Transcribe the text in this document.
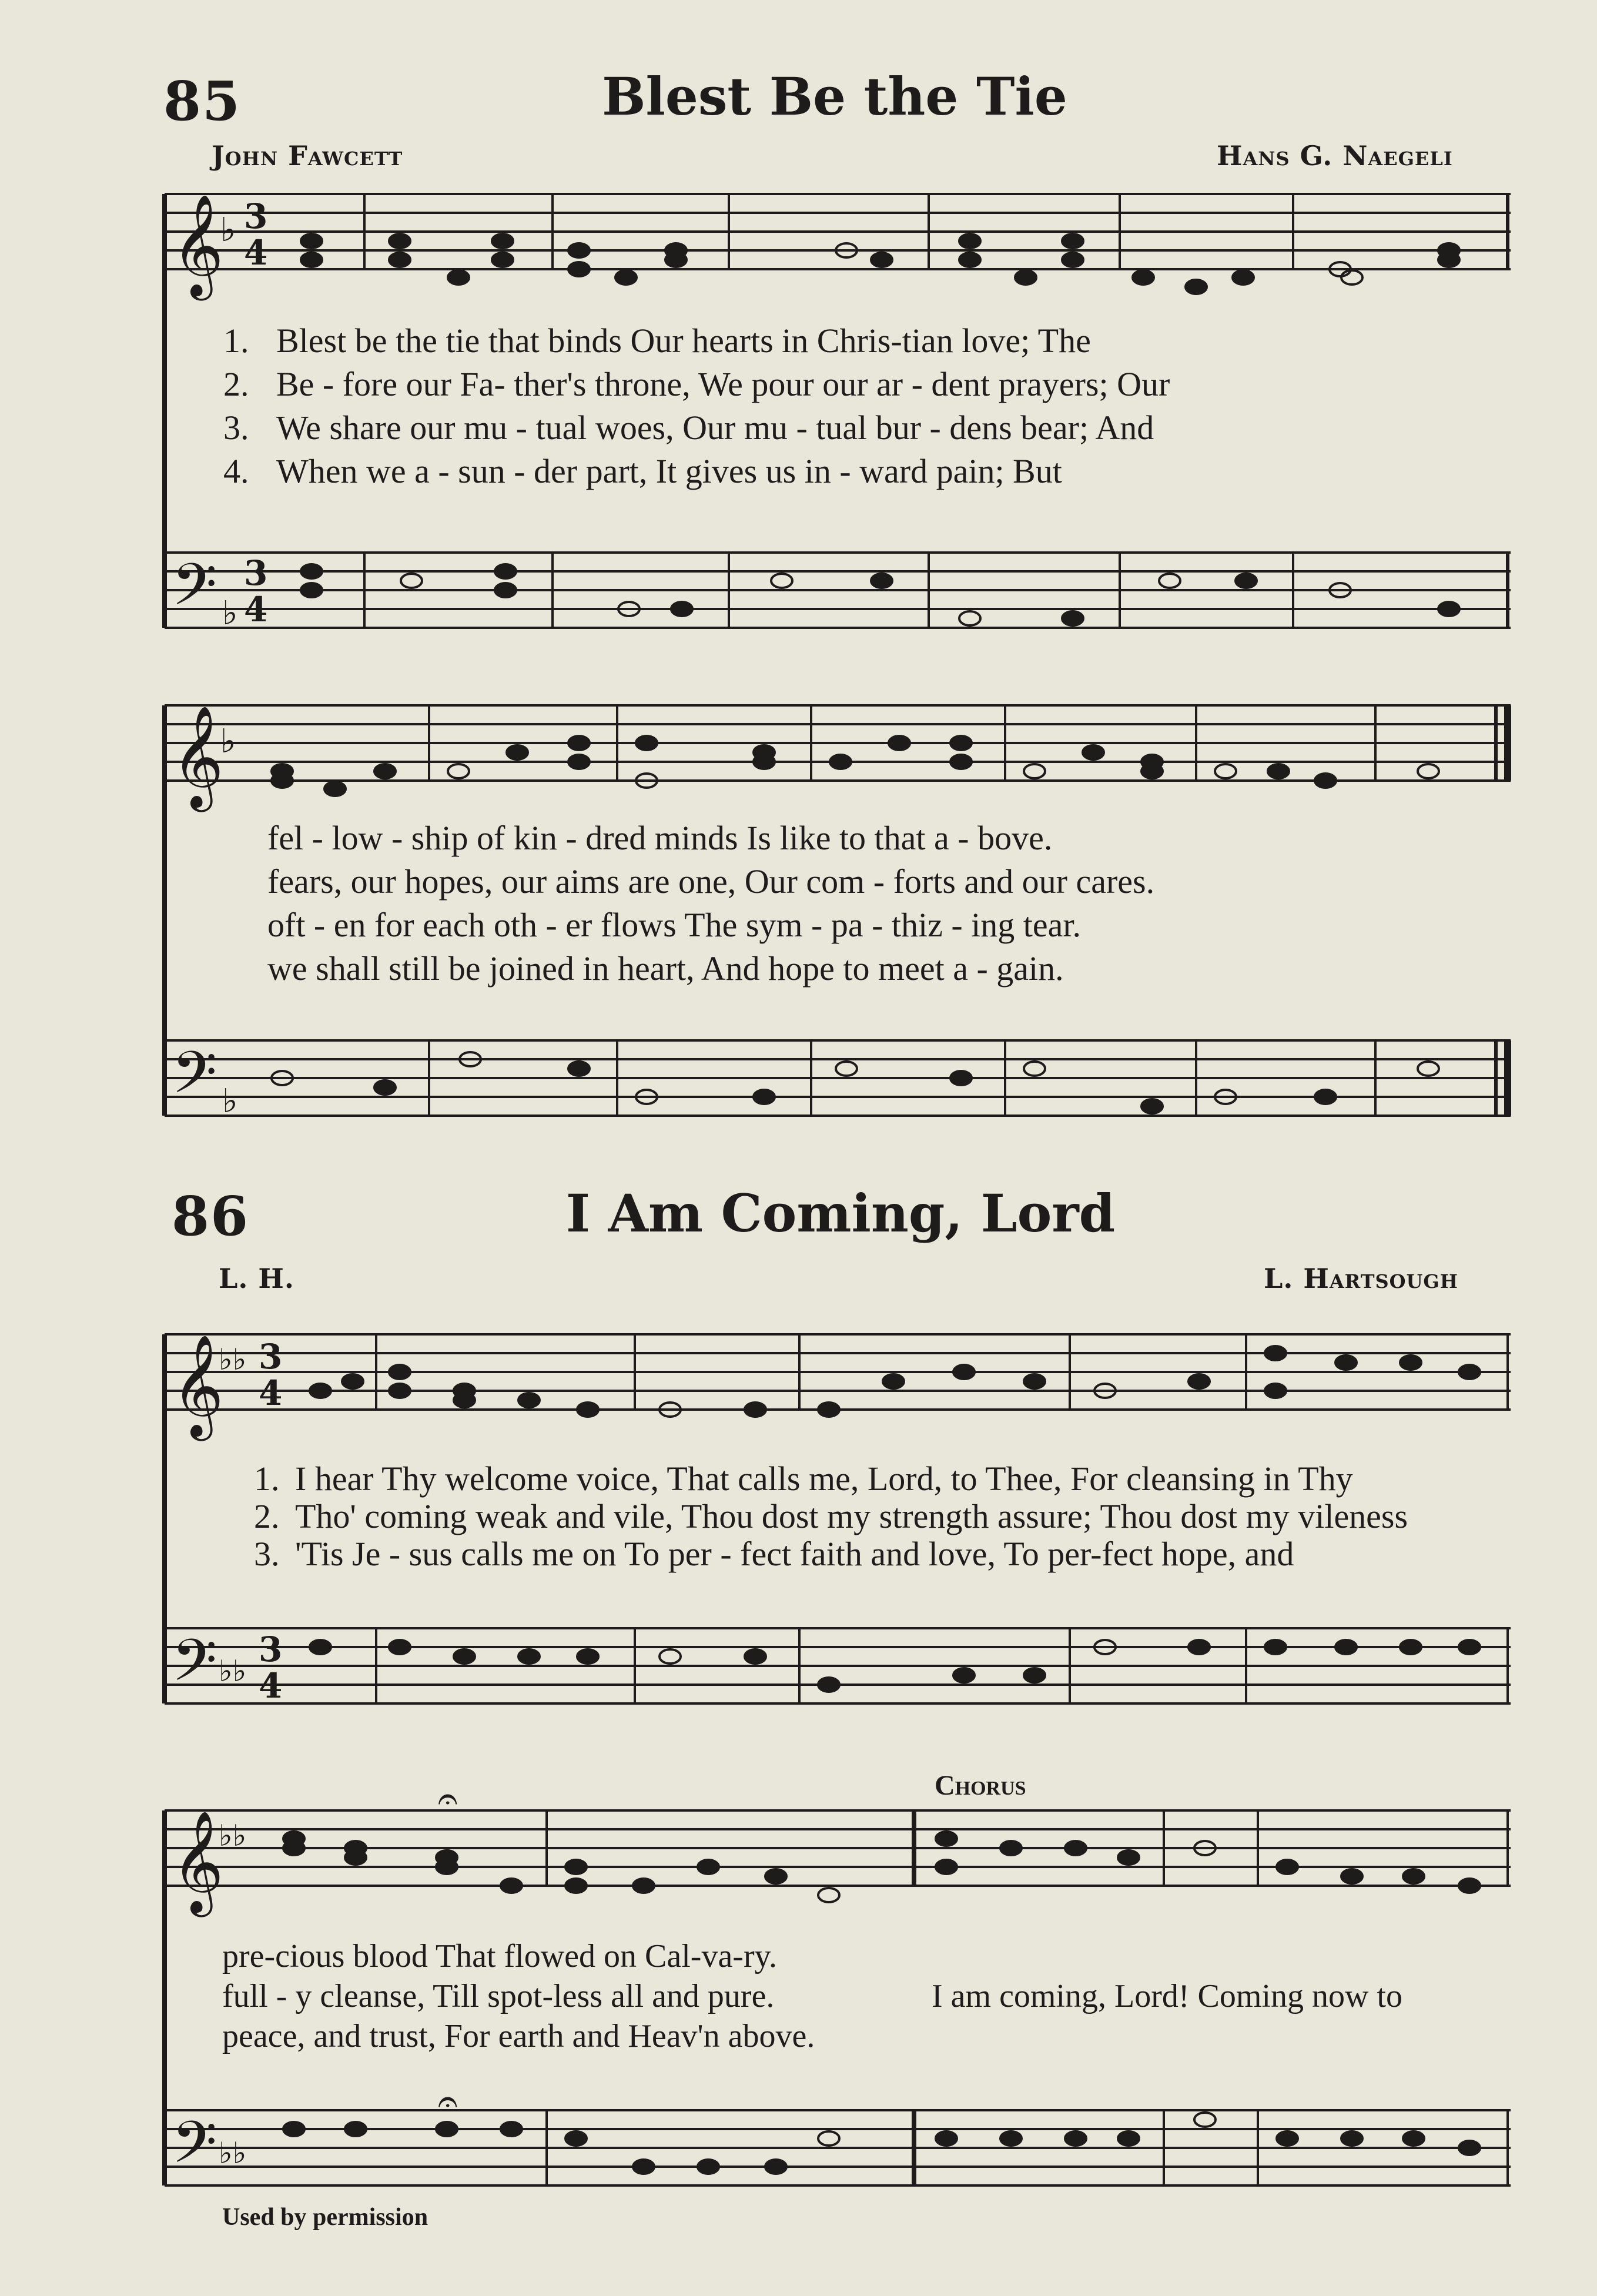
85	Blest Be the Tie
John Fawcett	Hans G. Naegeli
𝄞
♭ 3
4
𝄢 ♭
3
4
1. Blest be the tie that binds Our hearts in Chris-tian love; The
2. Be - fore our Fa- ther's throne, We pour our ar - dent prayers; Our
3. We share our mu - tual woes, Our mu - tual bur - dens bear; And
4. When we a - sun - der part, It gives us in - ward pain; But
𝄞
♭
𝄢 ♭
fel - low - ship of kin - dred minds Is like to that a - bove.
fears, our hopes, our aims are one, Our com - forts and our cares.
oft - en for each oth - er flows The sym - pa - thiz - ing tear.
we shall still be joined in heart, And hope to meet a - gain.
86	I Am Coming, Lord
L. H.	L. Hartsough
𝄞
♭♭ 3
4
𝄢 ♭♭
3
4
1. I hear Thy welcome voice, That calls me, Lord, to Thee, For cleansing in Thy
2. Tho' coming weak and vile, Thou dost my strength assure; Thou dost my vileness
3. 'Tis Je - sus calls me on To per - fect faith and love, To per-fect hope, and
Chorus
𝄞
♭♭
𝄢 ♭♭
𝄐
𝄐
pre-cious blood That flowed on Cal-va-ry.
full - y cleanse, Till spot-less all and pure.
peace, and trust, For earth and Heav'n above.
I am coming, Lord! Coming now to
Used by permission
